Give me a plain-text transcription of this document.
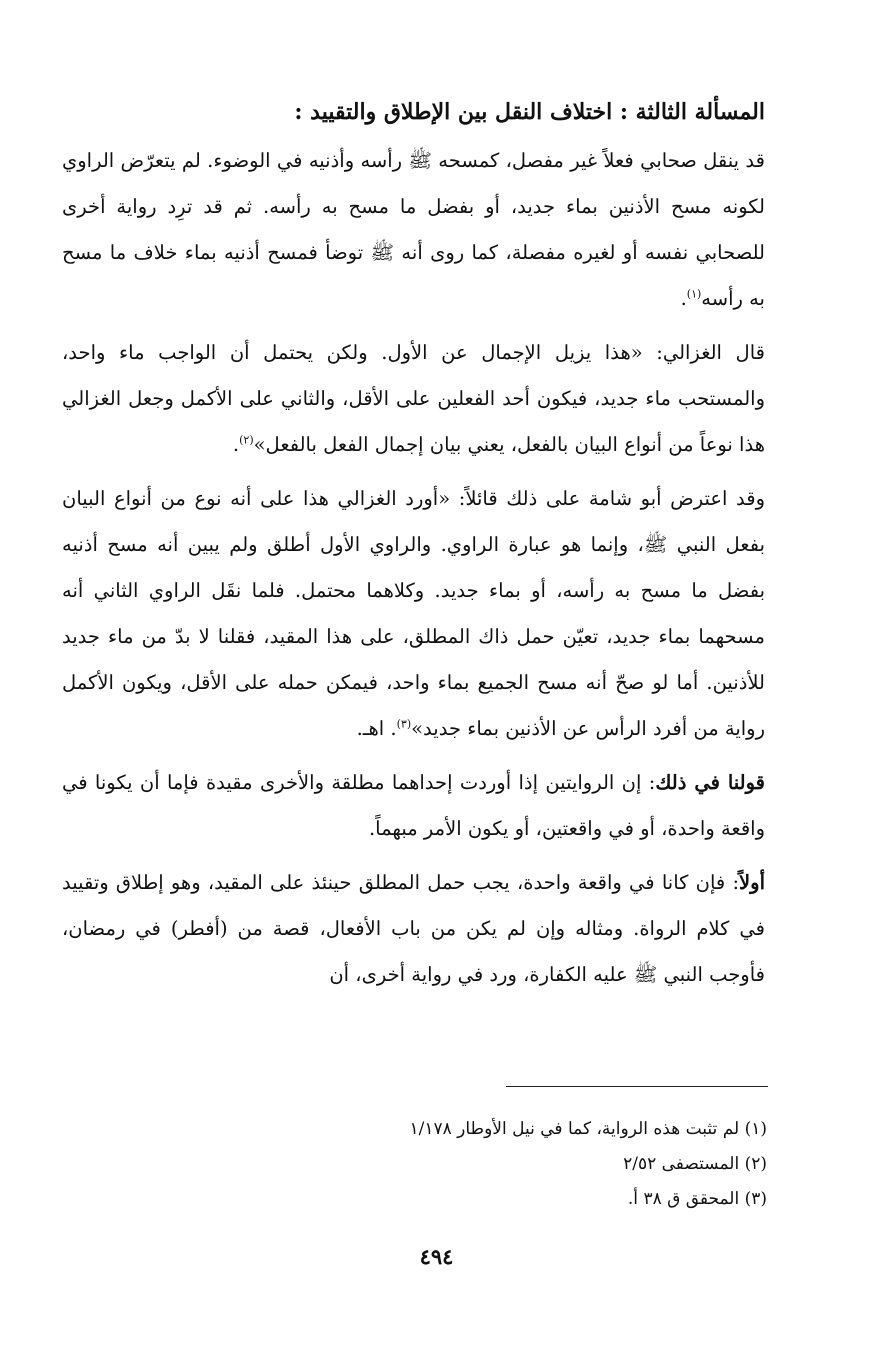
المسألة الثالثة : اختلاف النقل بين الإطلاق والتقييد :

قد ينقل صحابي فعلاً غير مفصل، كمسحه ﷺ رأسه وأذنيه في الوضوء. لم يتعرّض الراوي لكونه مسح الأذنين بماء جديد، أو بفضل ما مسح به رأسه. ثم قد ترِد رواية أخرى للصحابي نفسه أو لغيره مفصلة، كما روى أنه ﷺ توضأ فمسح أذنيه بماء خلاف ما مسح به رأسه$^{(١)}$.

قال الغزالي: «هذا يزيل الإجمال عن الأول. ولكن يحتمل أن الواجب ماء واحد، والمستحب ماء جديد، فيكون أحد الفعلين على الأقل، والثاني على الأكمل وجعل الغزالي هذا نوعاً من أنواع البيان بالفعل، يعني بيان إجمال الفعل بالفعل»$^{(٢)}$.

وقد اعترض أبو شامة على ذلك قائلاً: «أورد الغزالي هذا على أنه نوع من أنواع البيان بفعل النبي ﷺ، وإنما هو عبارة الراوي. والراوي الأول أطلق ولم يبين أنه مسح أذنيه بفضل ما مسح به رأسه، أو بماء جديد. وكلاهما محتمل. فلما نقَل الراوي الثاني أنه مسحهما بماء جديد، تعيّن حمل ذاك المطلق، على هذا المقيد، فقلنا لا بدّ من ماء جديد للأذنين. أما لو صحّ أنه مسح الجميع بماء واحد، فيمكن حمله على الأقل، ويكون الأكمل رواية من أفرد الرأس عن الأذنين بماء جديد»$^{(٣)}$. اهـ.

قولنا في ذلك: إن الروايتين إذا أوردت إحداهما مطلقة والأخرى مقيدة فإما أن يكونا في واقعة واحدة، أو في واقعتين، أو يكون الأمر مبهماً.

أولاً: فإن كانا في واقعة واحدة، يجب حمل المطلق حينئذ على المقيد، وهو إطلاق وتقييد في كلام الرواة. ومثاله وإن لم يكن من باب الأفعال، قصة من (أفطر) في رمضان، فأوجب النبي ﷺ عليه الكفارة، ورد في رواية أخرى، أن

(١) لم تثبت هذه الرواية، كما في نيل الأوطار ١/١٧٨

(٢) المستصفى ٢/٥٢

(٣) المحقق ق ٣٨ أ.

٤٩٤
